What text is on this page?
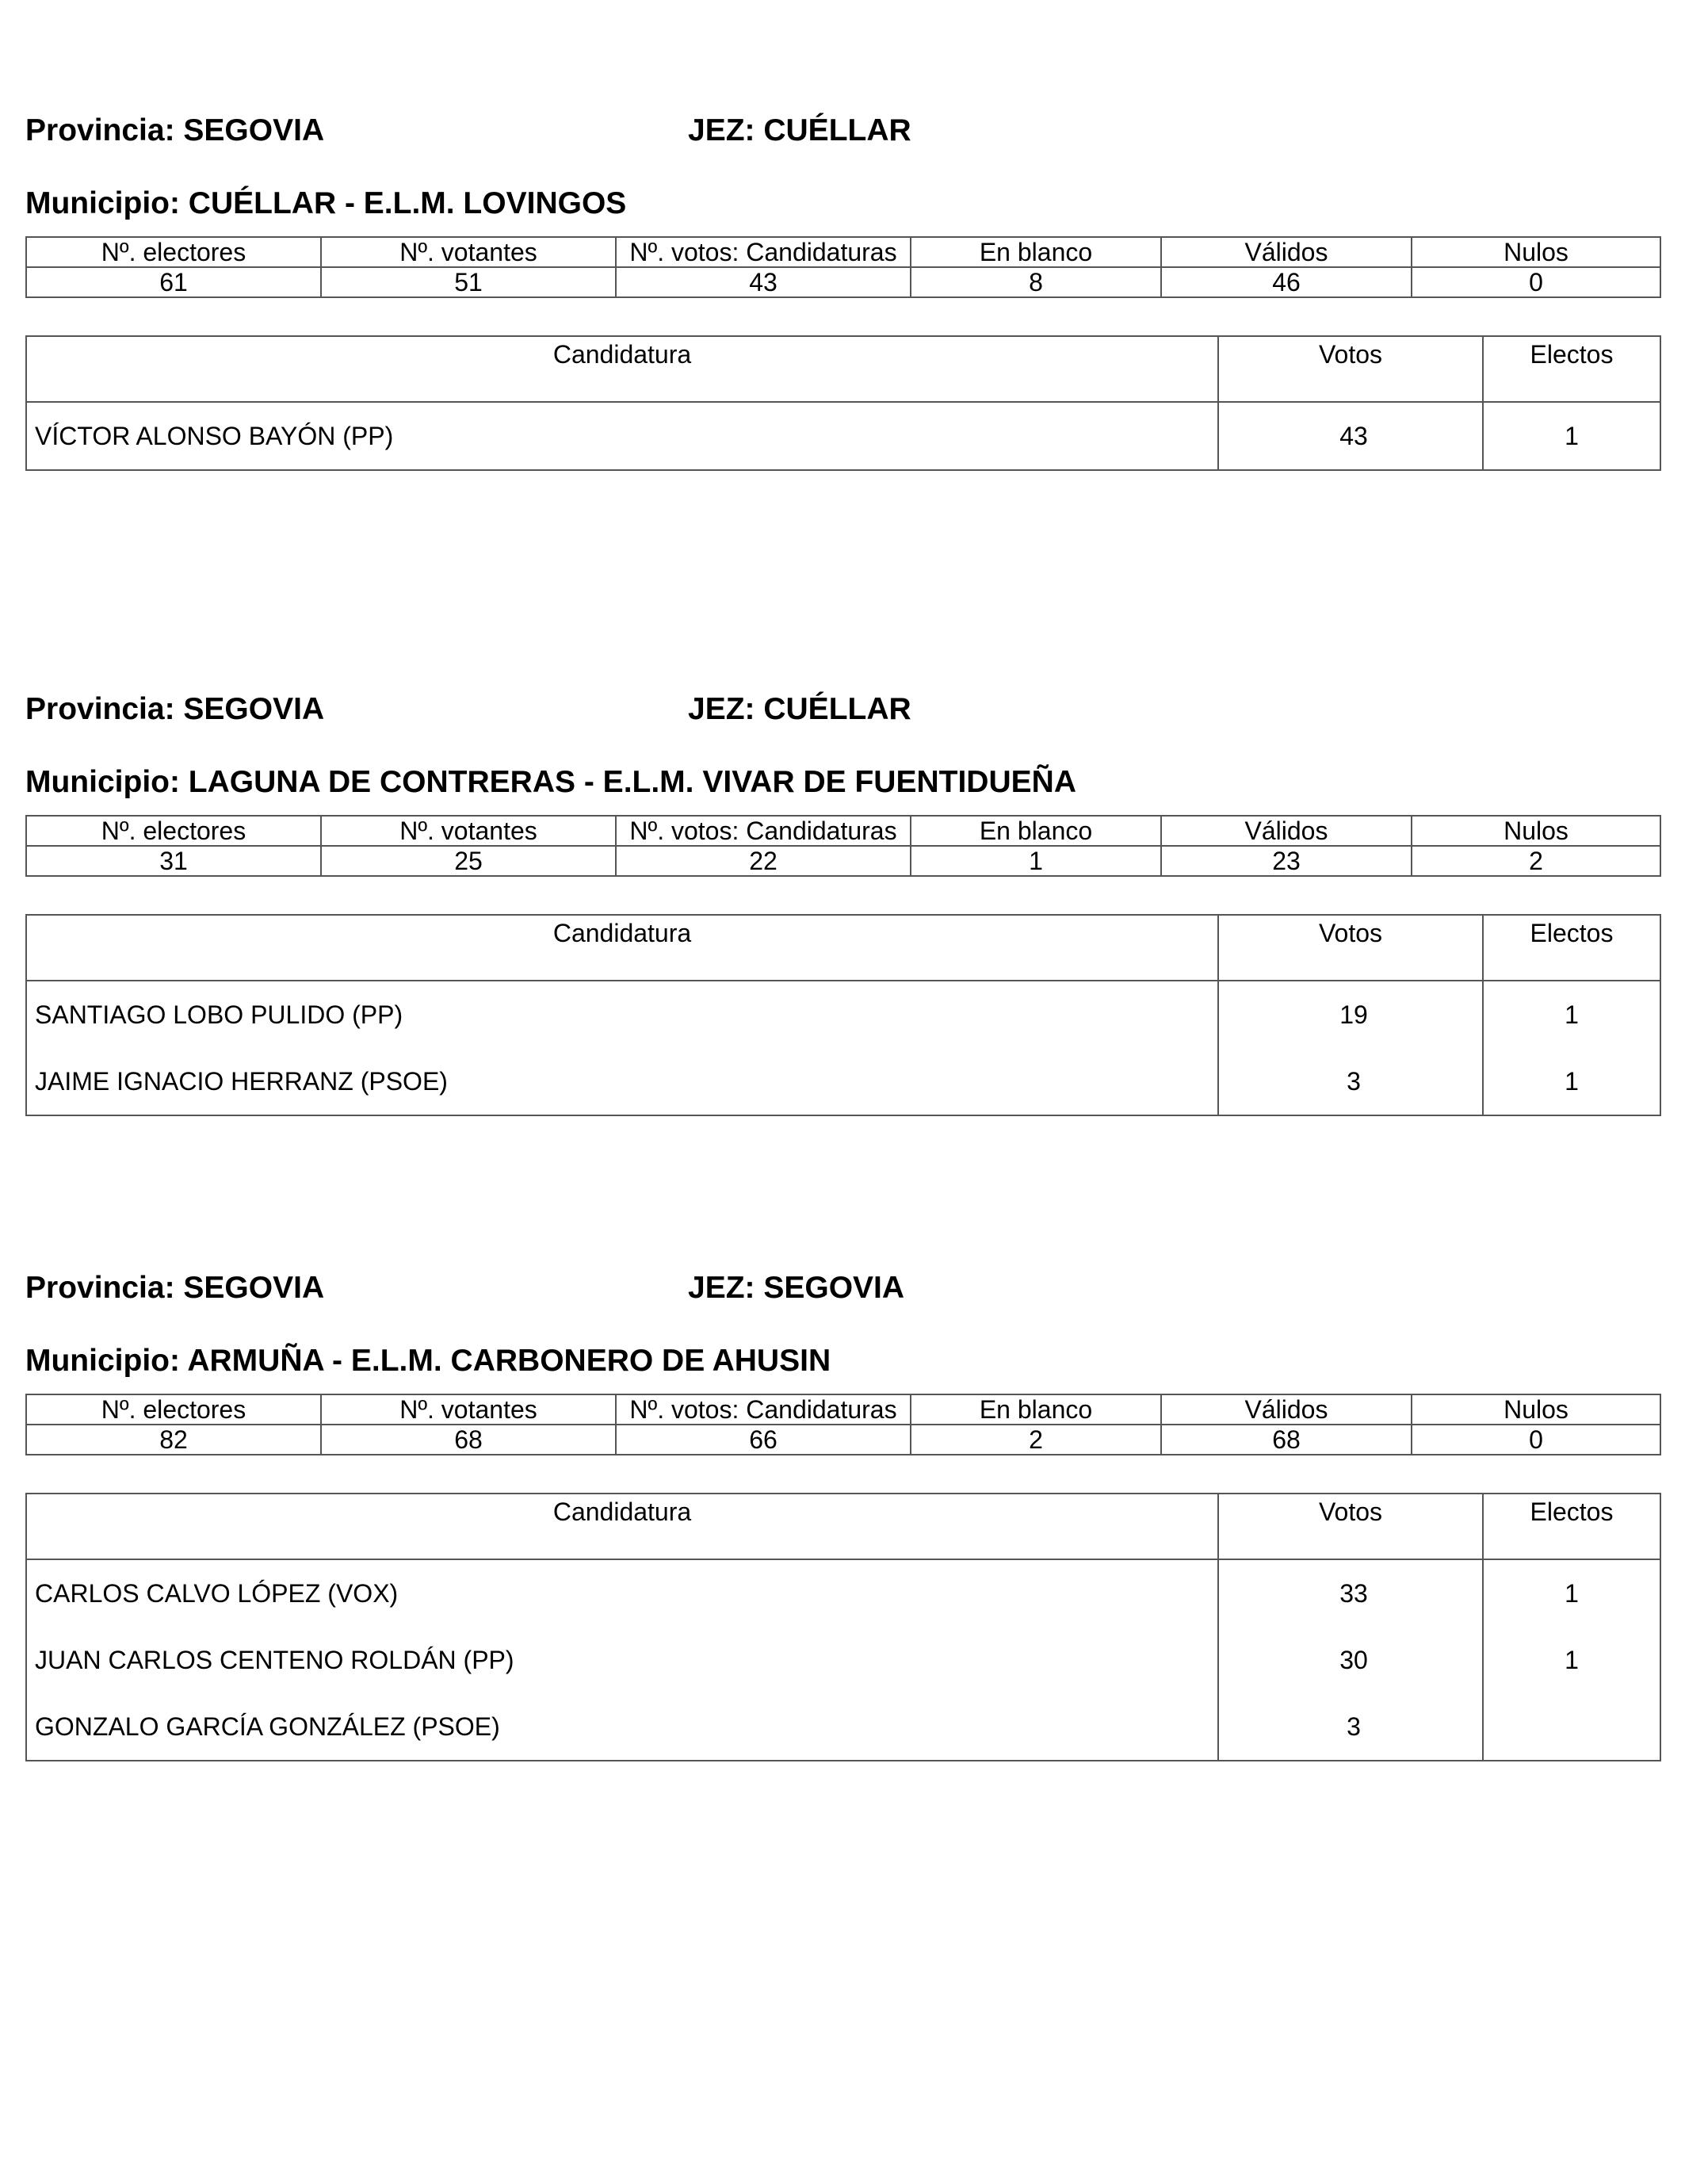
Provincia: SEGOVIA	JEZ: CUÉLLAR
Municipio: CUÉLLAR - E.L.M. LOVINGOS
Nº. electores	Nº. votantes	Nº. votos: Candidaturas	En blanco	Válidos	Nulos
61	51	43	8	46	0
Candidatura	Votos	Electos
VÍCTOR ALONSO BAYÓN (PP)	43	1
Provincia: SEGOVIA	JEZ: CUÉLLAR
Municipio: LAGUNA DE CONTRERAS - E.L.M. VIVAR DE FUENTIDUEÑA
Nº. electores	Nº. votantes	Nº. votos: Candidaturas	En blanco	Válidos	Nulos
31	25	22	1	23	2
Candidatura	Votos	Electos
SANTIAGO LOBO PULIDO (PP)	19	1
JAIME IGNACIO HERRANZ (PSOE)	3	1
Provincia: SEGOVIA	JEZ: SEGOVIA
Municipio: ARMUÑA - E.L.M. CARBONERO DE AHUSIN
Nº. electores	Nº. votantes	Nº. votos: Candidaturas	En blanco	Válidos	Nulos
82	68	66	2	68	0
Candidatura	Votos	Electos
CARLOS CALVO LÓPEZ (VOX)	33	1
JUAN CARLOS CENTENO ROLDÁN (PP)	30	1
GONZALO GARCÍA GONZÁLEZ (PSOE)	3	
